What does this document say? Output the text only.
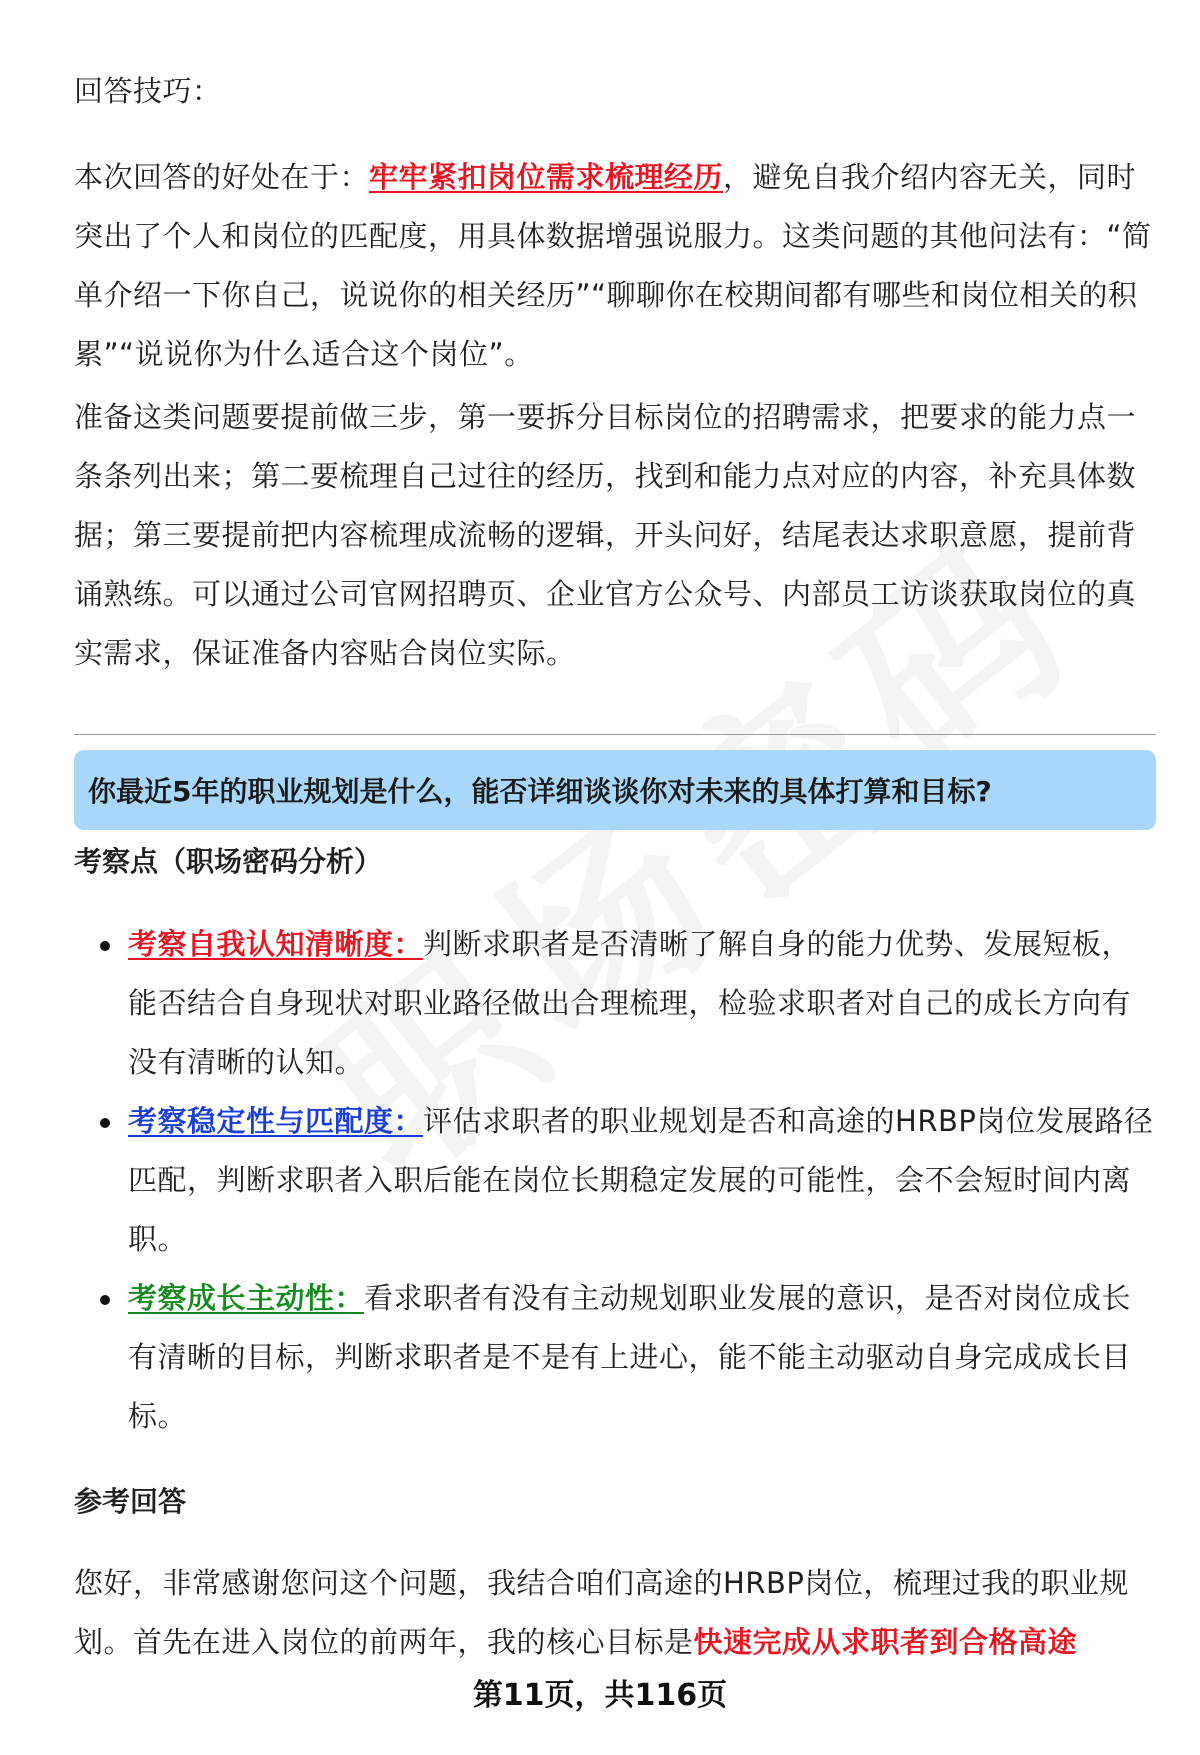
回答技巧：

本次回答的好处在于：牢牢紧扣岗位需求梳理经历，避免自我介绍内容无关，同时突出了个人和岗位的匹配度，用具体数据增强说服力。这类问题的其他问法有：“简单介绍一下你自己，说说你的相关经历”“聊聊你在校期间都有哪些和岗位相关的积累”“说说你为什么适合这个岗位”。

准备这类问题要提前做三步，第一要拆分目标岗位的招聘需求，把要求的能力点一条条列出来；第二要梳理自己过往的经历，找到和能力点对应的内容，补充具体数据；第三要提前把内容梳理成流畅的逻辑，开头问好，结尾表达求职意愿，提前背诵熟练。可以通过公司官网招聘页、企业官方公众号、内部员工访谈获取岗位的真实需求，保证准备内容贴合岗位实际。

你最近5年的职业规划是什么，能否详细谈谈你对未来的具体打算和目标?

考察点（职场密码分析）

考察自我认知清晰度：判断求职者是否清晰了解自身的能力优势、发展短板，能否结合自身现状对职业路径做出合理梳理，检验求职者对自己的成长方向有没有清晰的认知。
考察稳定性与匹配度：评估求职者的职业规划是否和高途的HRBP岗位发展路径匹配，判断求职者入职后能在岗位长期稳定发展的可能性，会不会短时间内离职。
考察成长主动性：看求职者有没有主动规划职业发展的意识，是否对岗位成长有清晰的目标，判断求职者是不是有上进心，能不能主动驱动自身完成成长目标。

参考回答

您好，非常感谢您问这个问题，我结合咱们高途的HRBP岗位，梳理过我的职业规划。首先在进入岗位的前两年，我的核心目标是快速完成从求职者到合格高途

第11页，共116页
